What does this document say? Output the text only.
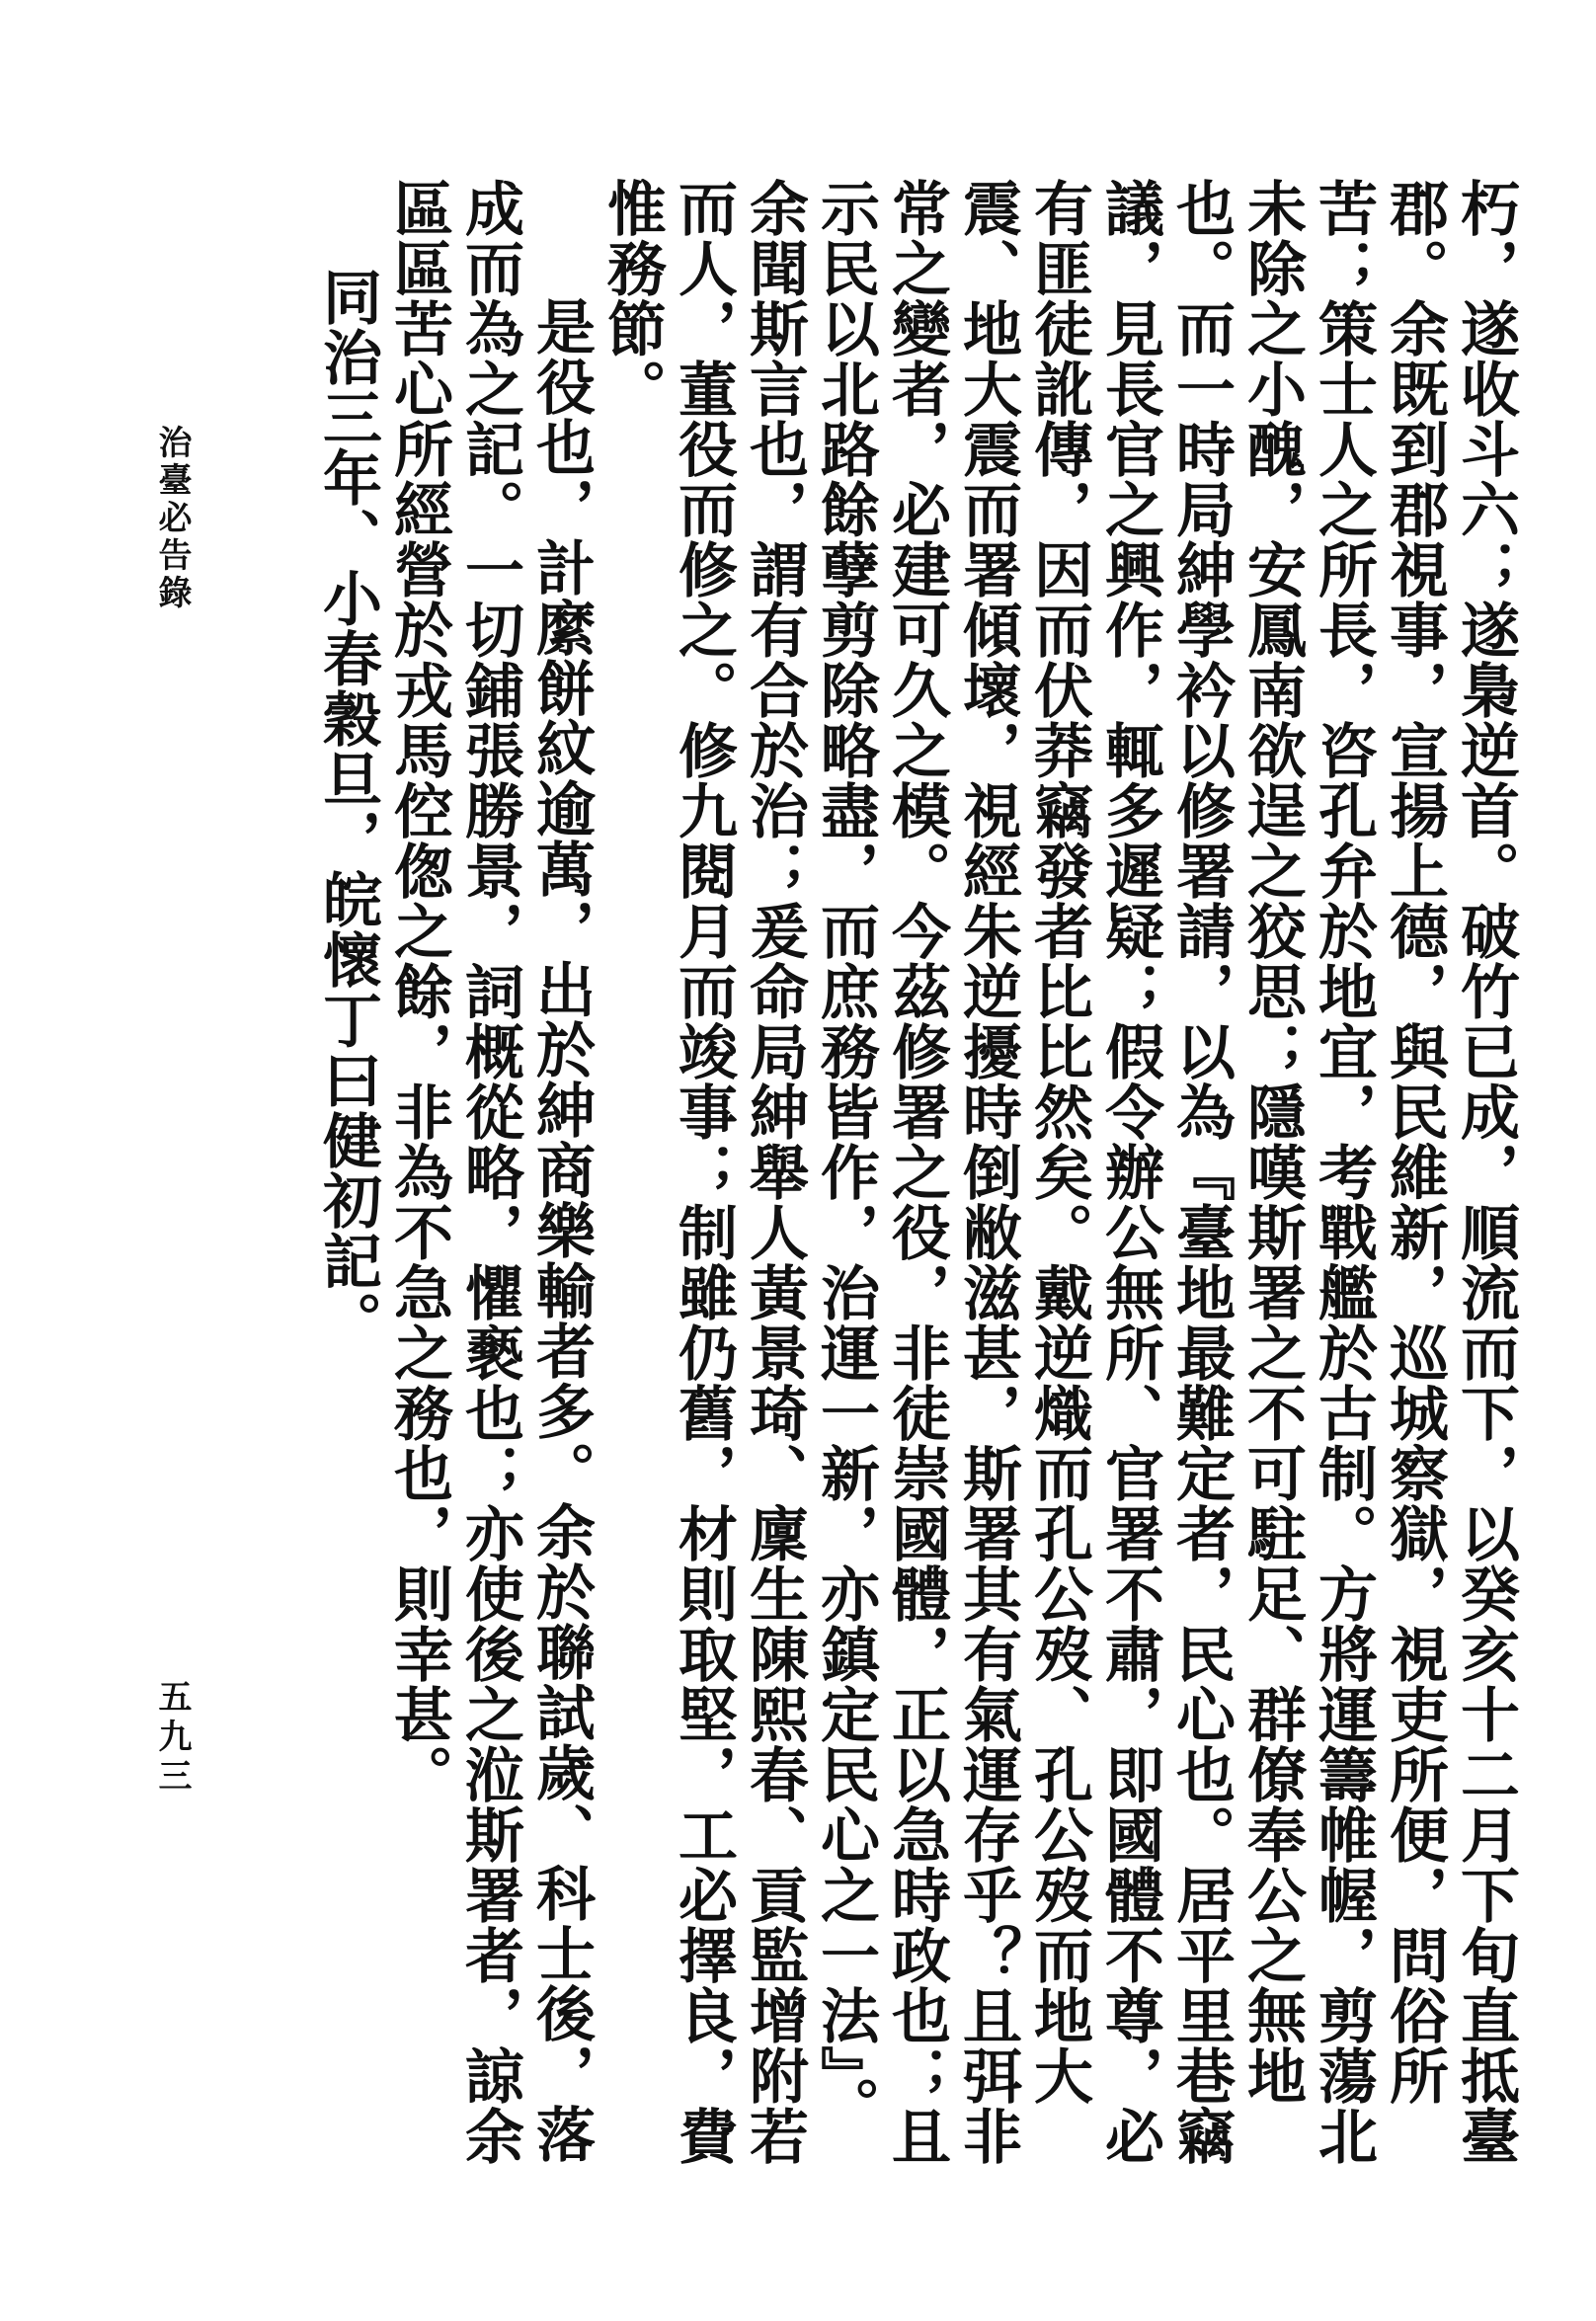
朽，遂收斗六；遂梟逆首。破竹已成，順流而下，以癸亥十二月下旬直抵臺郡。余既到郡視事，宣揚上德，與民維新，巡城察獄，視吏所便，問俗所苦；策士人之所長，咨孔弁於地宜，考戰艦於古制。方將運籌帷幄，剪蕩北未除之小醜，安鳳南欲逞之狡思；隱嘆斯署之不可駐足、群僚奉公之無地也。而一時局紳學衿以修署請，以為『臺地最難定者，民心也。居平里巷竊議，見長官之興作，輒多遲疑；假令辦公無所、官署不肅，即國體不尊，必有匪徒訛傳，因而伏莽竊發者比比然矣。戴逆熾而孔公歿、孔公歿而地大震、地大震而署傾壞，視經朱逆擾時倒敝滋甚，斯署其有氣運存乎？且弭非常之變者，必建可久之模。今茲修署之役，非徒崇國體，正以急時政也；且示民以北路餘孽剪除略盡，而庶務皆作，治運一新，亦鎮定民心之一法』。余聞斯言也，謂有合於治；爰命局紳舉人黃景琦、廩生陳熙春、貢監增附若而人，董役而修之。修九閱月而竣事；制雖仍舊，材則取堅，工必擇良，費惟務節。

是役也，計縻餅紋逾萬，出於紳商樂輸者多。余於聯試歲、科士後，落成而為之記。一切鋪張勝景，詞概從略，懼褻也；亦使後之涖斯署者，諒余區區苦心所經營於戎馬倥偬之餘，非為不急之務也，則幸甚。

同治三年、小春穀旦，皖懷丁曰健初記。

治臺必告錄
五九三
